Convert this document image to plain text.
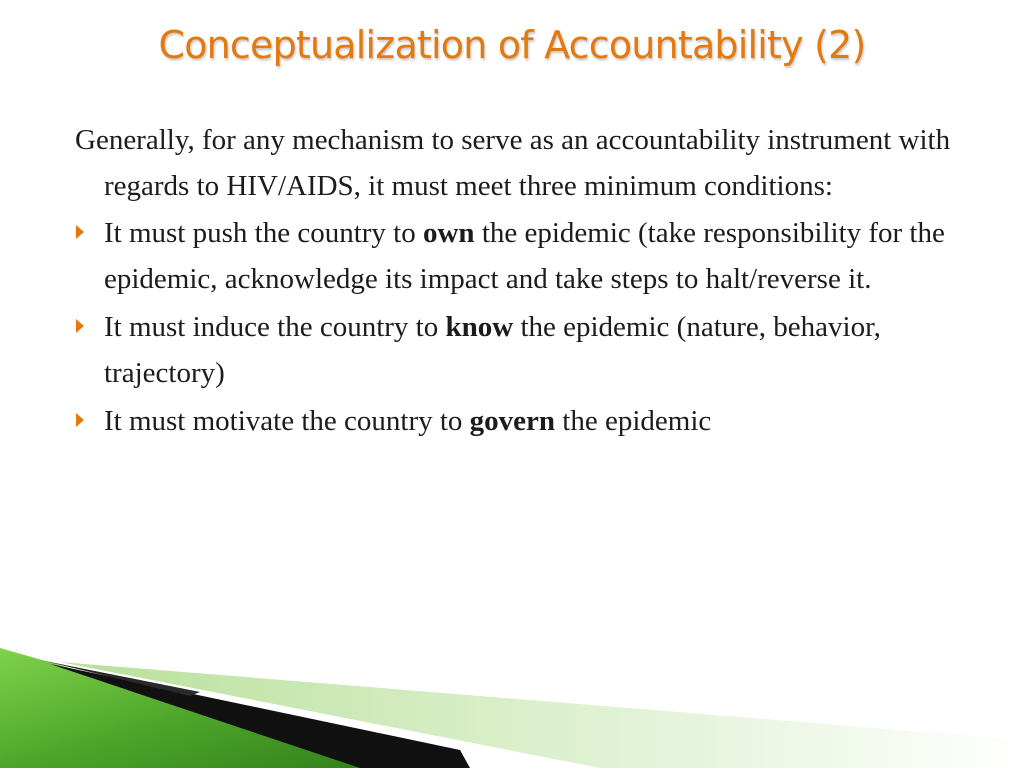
Conceptualization of Accountability (2)

Generally, for any mechanism to serve as an accountability instrument with regards to HIV/AIDS, it must meet three minimum conditions:

It must push the country to own the epidemic (take responsibility for the epidemic, acknowledge its impact and take steps to halt/reverse it.

It must induce the country to know the epidemic (nature, behavior, trajectory)

It must motivate the country to govern the epidemic
